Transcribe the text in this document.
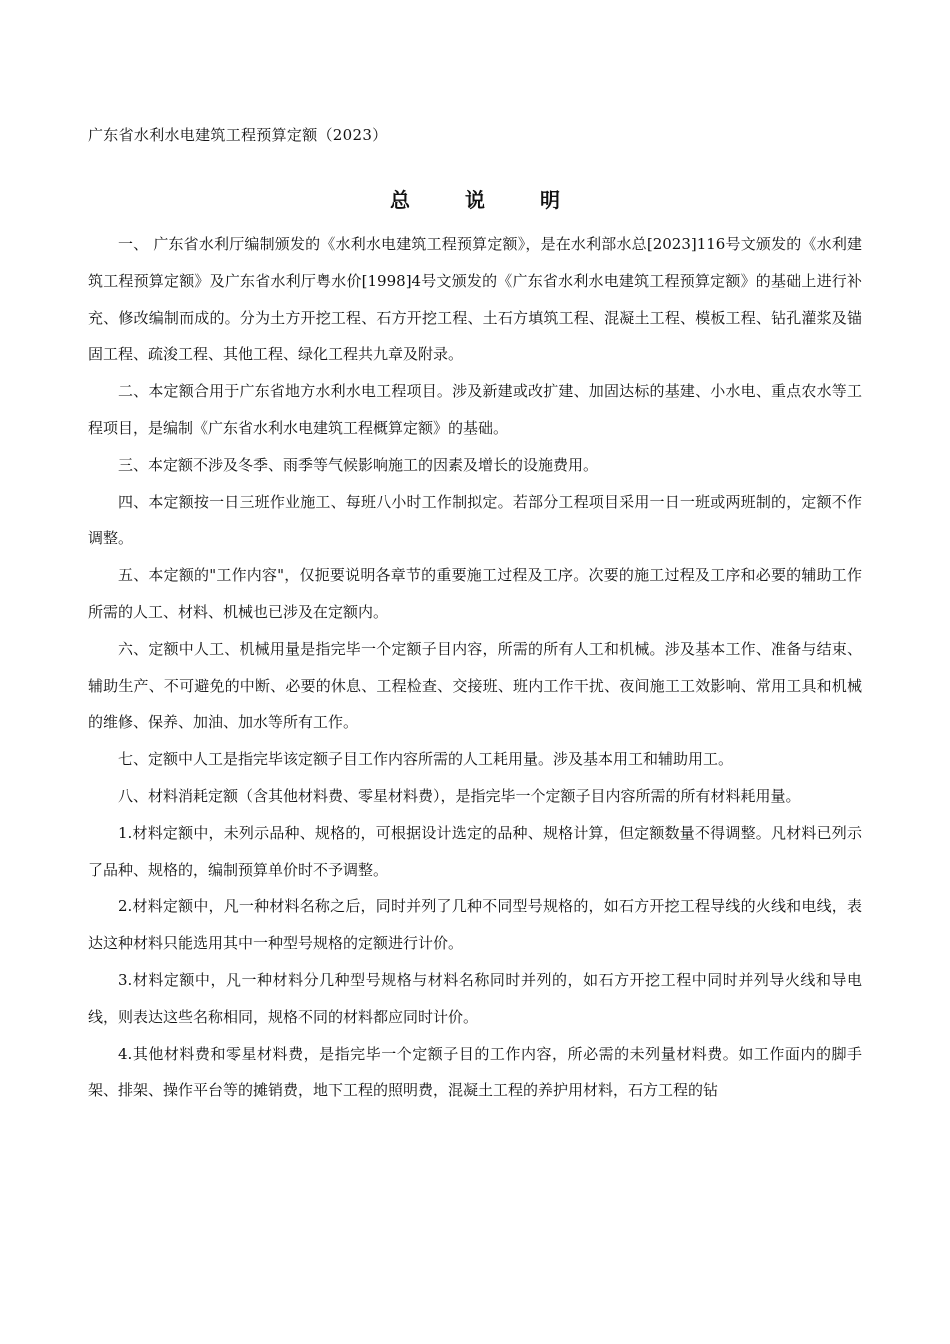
广东省水利水电建筑工程预算定额（2023）
总 说 明

一、 广东省水利厅编制颁发的《水利水电建筑工程预算定额》，是在水利部水总[2023]116号文颁发的《水利建筑工程预算定额》及广东省水利厅粤水价[1998]4号文颁发的《广东省水利水电建筑工程预算定额》的基础上进行补充、修改编制而成的。分为土方开挖工程、石方开挖工程、土石方填筑工程、混凝土工程、模板工程、钻孔灌浆及锚固工程、疏浚工程、其他工程、绿化工程共九章及附录。

二、本定额合用于广东省地方水利水电工程项目。涉及新建或改扩建、加固达标的基建、小水电、重点农水等工程项目，是编制《广东省水利水电建筑工程概算定额》的基础。

三、本定额不涉及冬季、雨季等气候影响施工的因素及增长的设施费用。

四、本定额按一日三班作业施工、每班八小时工作制拟定。若部分工程项目采用一日一班或两班制的，定额不作调整。

五、本定额的"工作内容"，仅扼要说明各章节的重要施工过程及工序。次要的施工过程及工序和必要的辅助工作所需的人工、材料、机械也已涉及在定额内。

六、定额中人工、机械用量是指完毕一个定额子目内容，所需的所有人工和机械。涉及基本工作、准备与结束、辅助生产、不可避免的中断、必要的休息、工程检查、交接班、班内工作干扰、夜间施工工效影响、常用工具和机械的维修、保养、加油、加水等所有工作。

七、定额中人工是指完毕该定额子目工作内容所需的人工耗用量。涉及基本用工和辅助用工。

八、材料消耗定额（含其他材料费、零星材料费），是指完毕一个定额子目内容所需的所有材料耗用量。

1.材料定额中，未列示品种、规格的，可根据设计选定的品种、规格计算，但定额数量不得调整。凡材料已列示了品种、规格的，编制预算单价时不予调整。

2.材料定额中，凡一种材料名称之后，同时并列了几种不同型号规格的，如石方开挖工程导线的火线和电线，表达这种材料只能选用其中一种型号规格的定额进行计价。

3.材料定额中，凡一种材料分几种型号规格与材料名称同时并列的，如石方开挖工程中同时并列导火线和导电线，则表达这些名称相同，规格不同的材料都应同时计价。

4.其他材料费和零星材料费，是指完毕一个定额子目的工作内容，所必需的未列量材料费。如工作面内的脚手架、排架、操作平台等的摊销费，地下工程的照明费，混凝土工程的养护用材料，石方工程的钻
